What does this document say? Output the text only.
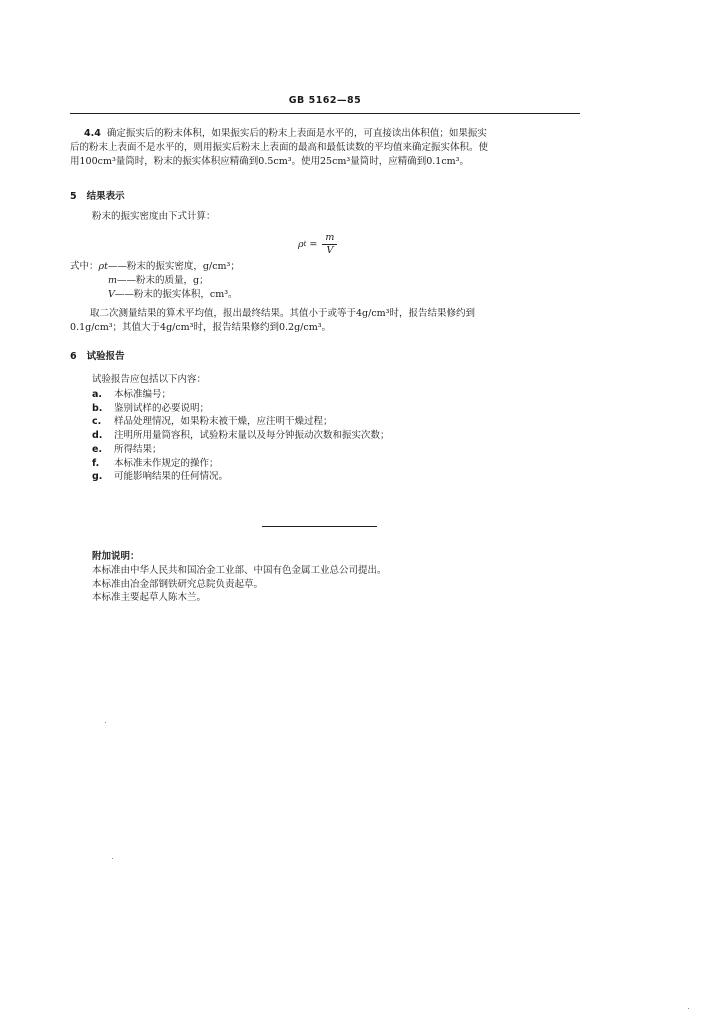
GB 5162—85

4.4 确定振实后的粉末体积，如果振实后的粉末上表面是水平的，可直接读出体积值；如果振实

后的粉末上表面不是水平的，则用振实后粉末上表面的最高和最低读数的平均值来确定振实体积。使

用100cm³量筒时，粉末的振实体积应精确到0.5cm³。使用25cm³量筒时，应精确到0.1cm³。

5 结果表示
粉末的振实密度由下式计算：
ρ $t = \frac{m}{V}$
式中：ρt——粉末的振实密度，g/cm³；
m——粉末的质量，g；
V——粉末的振实体积，cm³。

取二次测量结果的算术平均值，报出最终结果。其值小于或等于4g/cm³时，报告结果修约到

0.1g/cm³；其值大于4g/cm³时，报告结果修约到0.2g/cm³。

6 试验报告
试验报告应包括以下内容：
a.	本标准编号；
b.	鉴别试样的必要说明；
c.	样品处理情况，如果粉末被干燥，应注明干燥过程；
d.	注明所用量筒容积，试验粉末量以及每分钟振动次数和振实次数；
e.	所得结果；
f.	本标准未作规定的操作；
g.	可能影响结果的任何情况。
附加说明：
本标准由中华人民共和国冶金工业部、中国有色金属工业总公司提出。
本标准由冶金部钢铁研究总院负责起草。
本标准主要起草人陈木兰。
